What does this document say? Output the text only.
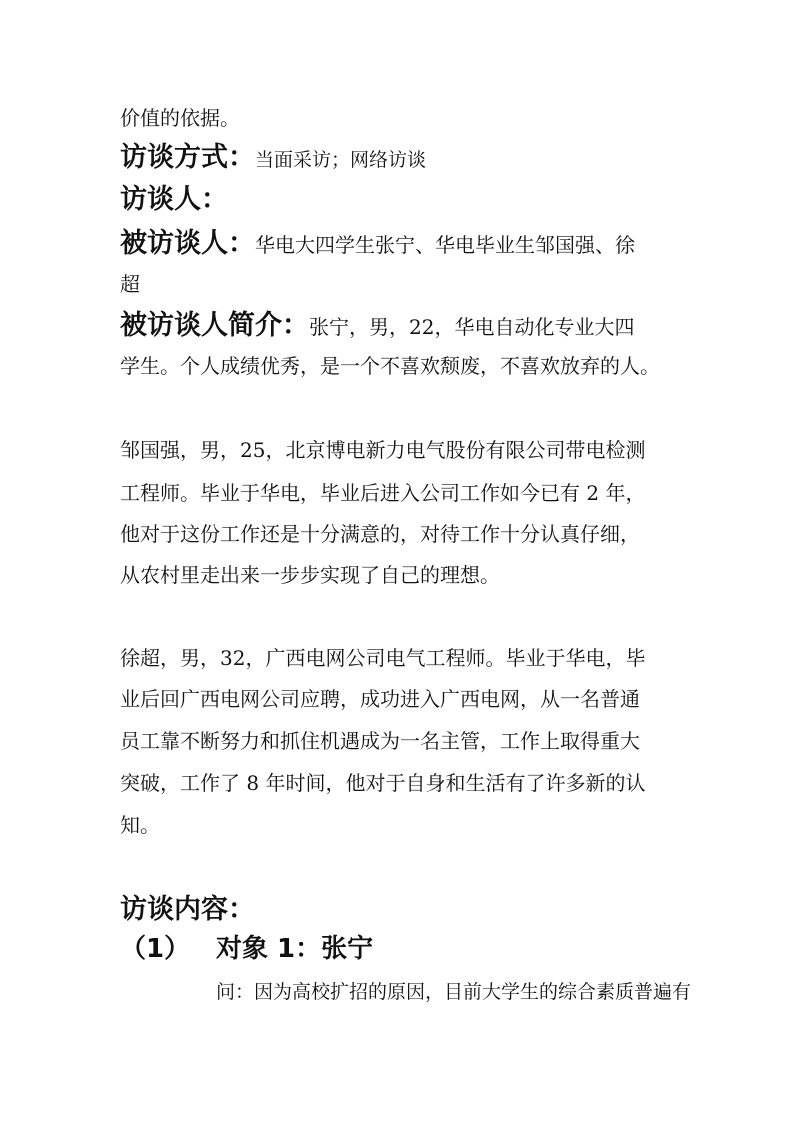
价值的依据。
访谈方式：当面采访；网络访谈
访谈人：
被访谈人：华电大四学生张宁、华电毕业生邹国强、徐
超
被访谈人简介：张宁，男，22，华电自动化专业大四
学生。个人成绩优秀，是一个不喜欢颓废，不喜欢放弃的人。
邹国强，男，25，北京博电新力电气股份有限公司带电检测
工程师。毕业于华电，毕业后进入公司工作如今已有 2 年，
他对于这份工作还是十分满意的，对待工作十分认真仔细，
从农村里走出来一步步实现了自己的理想。
徐超，男，32，广西电网公司电气工程师。毕业于华电，毕
业后回广西电网公司应聘，成功进入广西电网，从一名普通
员工靠不断努力和抓住机遇成为一名主管，工作上取得重大
突破，工作了 8 年时间，他对于自身和生活有了许多新的认
知。
访谈内容：
（1） 对象 1：张宁
问：因为高校扩招的原因，目前大学生的综合素质普遍有
